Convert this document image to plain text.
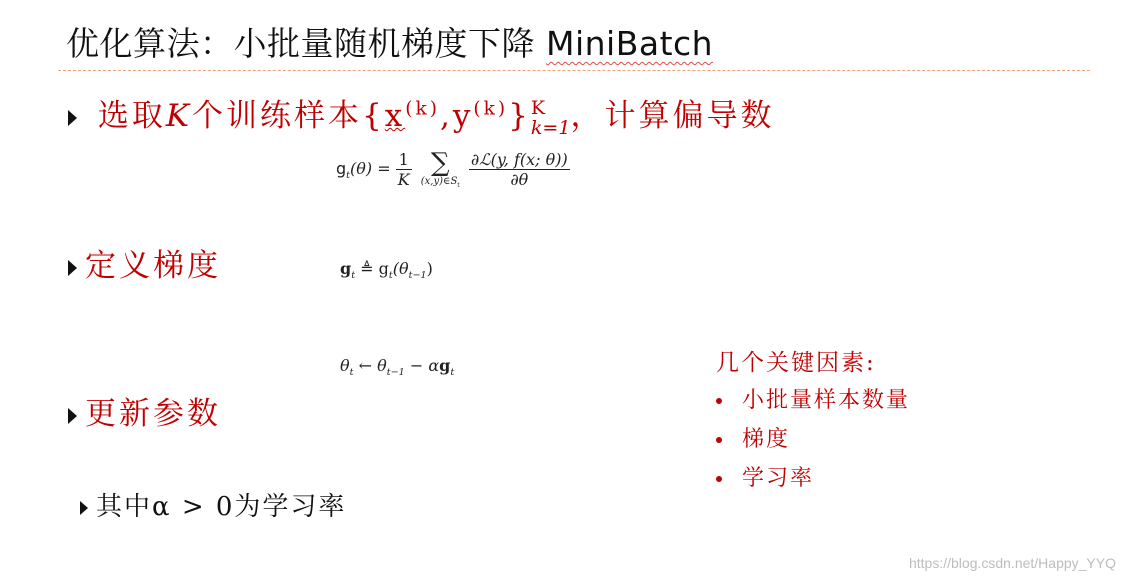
优化算法：小批量随机梯度下降 MiniBatch
选取K个训练样本$\{x^{(k)},y^{(k)}\}$ K
k=1 ，计算偏导数
$g_t(\theta) = \frac{1}{K}$
∑
$(x,y)\in S_t$
$\frac{\text{∂ℒ(y, f(x; θ))}}{\partial\theta}$
定义梯度	$g_t$ ≜ $g_t(\theta_{t-1})$
$\theta_t$ ← $\theta_{t-1} - \alpha g_t$
更新参数
几个关键因素:
小批量样本数量
梯度
学习率
其中α > 0为学习率
https://blog.csdn.net/Happy_YYQ
